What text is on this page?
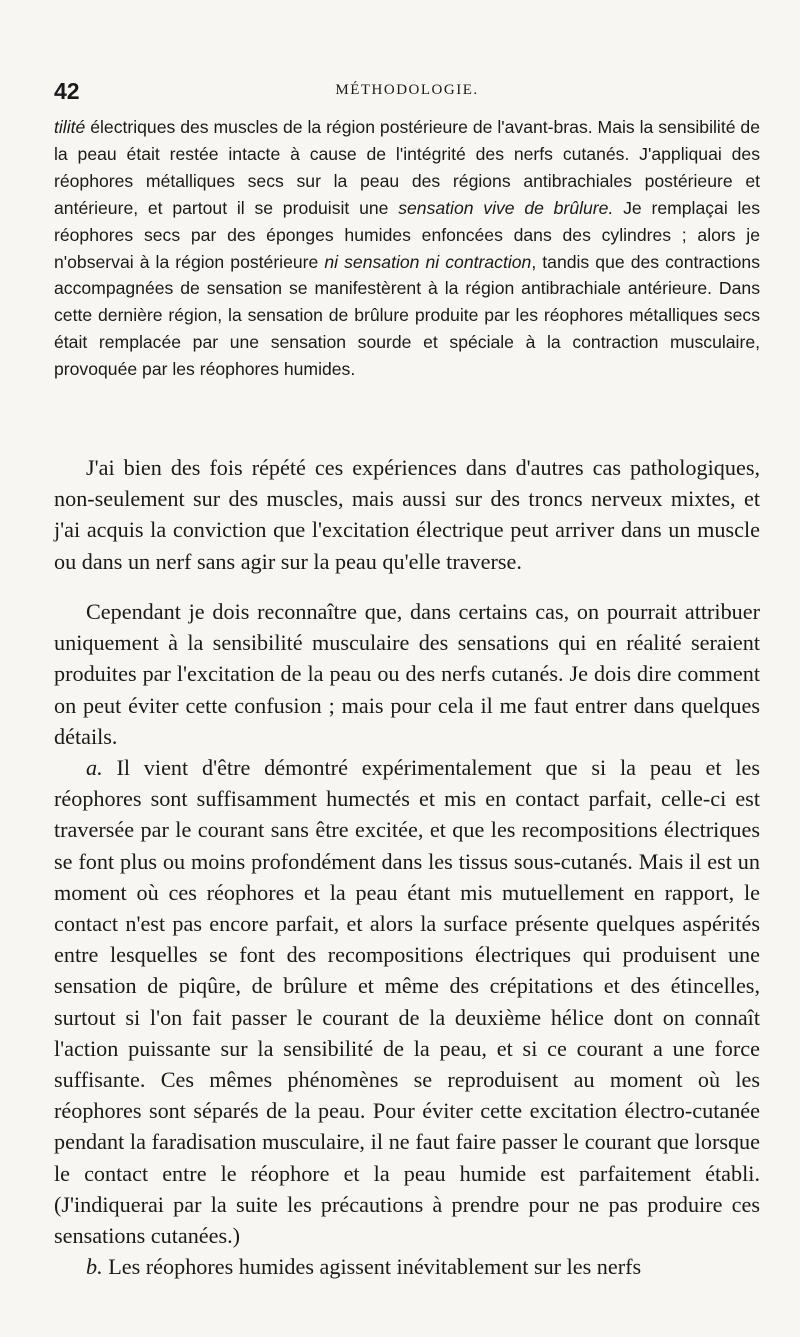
42	MÉTHODOLOGIE.

tilité électriques des muscles de la région postérieure de l'avant-bras. Mais la sensibilité de la peau était restée intacte à cause de l'intégrité des nerfs cutanés. J'appliquai des réophores métalliques secs sur la peau des régions antibrachiales postérieure et antérieure, et partout il se produisit une sensation vive de brûlure. Je remplaçai les réophores secs par des éponges humides enfoncées dans des cylindres ; alors je n'observai à la région postérieure ni sensation ni contraction, tandis que des contractions accompagnées de sensation se manifestèrent à la région antibrachiale antérieure. Dans cette dernière région, la sensation de brûlure produite par les réophores métalliques secs était remplacée par une sensation sourde et spéciale à la contraction musculaire, provoquée par les réophores humides.

J'ai bien des fois répété ces expériences dans d'autres cas pathologiques, non-seulement sur des muscles, mais aussi sur des troncs nerveux mixtes, et j'ai acquis la conviction que l'excitation électrique peut arriver dans un muscle ou dans un nerf sans agir sur la peau qu'elle traverse.

Cependant je dois reconnaître que, dans certains cas, on pourrait attribuer uniquement à la sensibilité musculaire des sensations qui en réalité seraient produites par l'excitation de la peau ou des nerfs cutanés. Je dois dire comment on peut éviter cette confusion ; mais pour cela il me faut entrer dans quelques détails.

a. Il vient d'être démontré expérimentalement que si la peau et les réophores sont suffisamment humectés et mis en contact parfait, celle-ci est traversée par le courant sans être excitée, et que les recompositions électriques se font plus ou moins profondément dans les tissus sous-cutanés. Mais il est un moment où ces réophores et la peau étant mis mutuellement en rapport, le contact n'est pas encore parfait, et alors la surface présente quelques aspérités entre lesquelles se font des recompositions électriques qui produisent une sensation de piqûre, de brûlure et même des crépitations et des étincelles, surtout si l'on fait passer le courant de la deuxième hélice dont on connaît l'action puissante sur la sensibilité de la peau, et si ce courant a une force suffisante. Ces mêmes phénomènes se reproduisent au moment où les réophores sont séparés de la peau. Pour éviter cette excitation électro-cutanée pendant la faradisation musculaire, il ne faut faire passer le courant que lorsque le contact entre le réophore et la peau humide est parfaitement établi. (J'indiquerai par la suite les précautions à prendre pour ne pas produire ces sensations cutanées.)

b. Les réophores humides agissent inévitablement sur les nerfs
